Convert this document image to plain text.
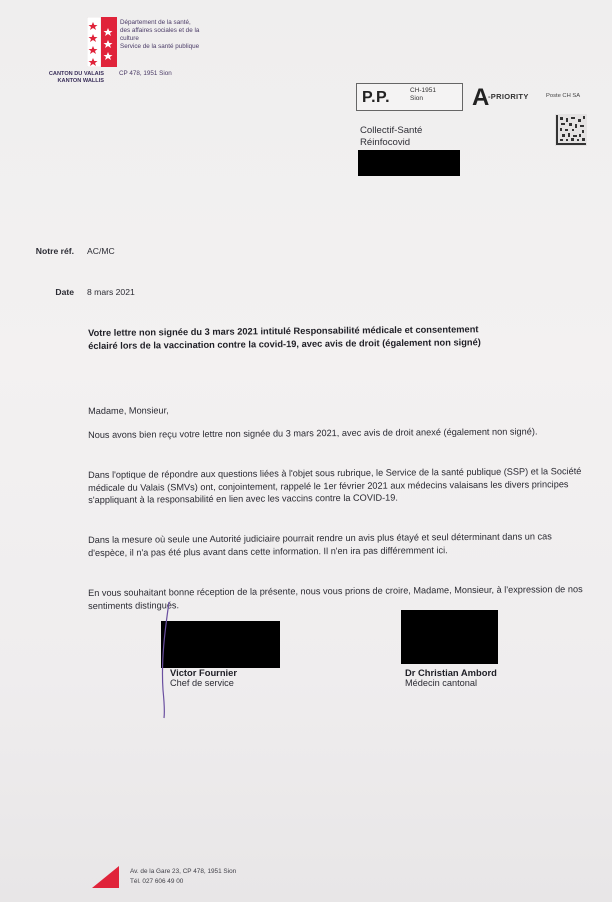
Département de la santé,
des affaires sociales et de la
culture
Service de la santé publique
CANTON DU VALAIS
KANTON WALLIS
CP 478, 1951 Sion
P.P.	CH-1951
Sion	A
-PRIORITY	Poste CH SA
Collectif-Santé
Réinfocovid
Notre réf. AC/MC
Date 8 mars 2021
Votre lettre non signée du 3 mars 2021 intitulé Responsabilité médicale et consentement
éclairé lors de la vaccination contre la covid-19, avec avis de droit (également non signé)
Madame, Monsieur,
Nous avons bien reçu votre lettre non signée du 3 mars 2021, avec avis de droit anexé (également non signé).
Dans l'optique de répondre aux questions liées à l'objet sous rubrique, le Service de la santé publique (SSP) et la Société médicale du Valais (SMVs) ont, conjointement, rappelé le 1er février 2021 aux médecins valaisans les divers principes s'appliquant à la responsabilité en lien avec les vaccins contre la COVID-19.
Dans la mesure où seule une Autorité judiciaire pourrait rendre un avis plus étayé et seul déterminant dans un cas d'espèce, il n'a pas été plus avant dans cette information. Il n'en ira pas différemment ici.
En vous souhaitant bonne réception de la présente, nous vous prions de croire, Madame, Monsieur, à l'expression de nos sentiments distingués.
Victor Fournier
Chef de service
Dr Christian Ambord
Médecin cantonal
Av. de la Gare 23, CP 478, 1951 Sion
Tél. 027 606 49 00
